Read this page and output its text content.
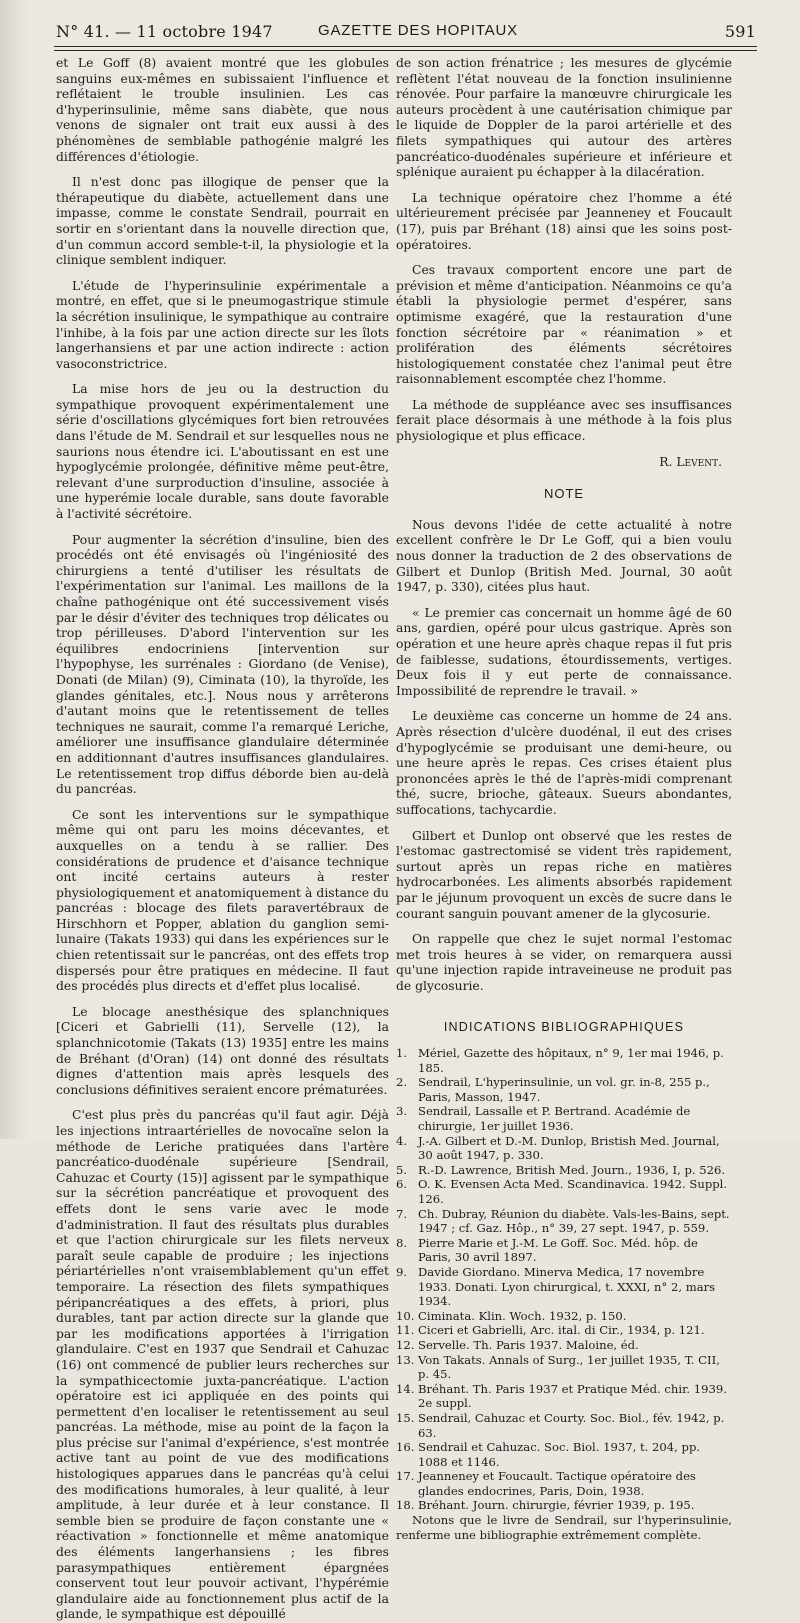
N° 41. — 11 octobre 1947	GAZETTE DES HOPITAUX	591

et Le Goff (8) avaient montré que les globules sanguins eux-mêmes en subissaient l'influence et reflétaient le trouble insulinien. Les cas d'hyperinsulinie, même sans diabète, que nous venons de signaler ont trait eux aussi à des phénomènes de semblable pathogénie malgré les différences d'étiologie.

Il n'est donc pas illogique de penser que la thérapeutique du diabète, actuellement dans une impasse, comme le constate Sendrail, pourrait en sortir en s'orientant dans la nouvelle direction que, d'un commun accord semble-t-il, la physiologie et la clinique semblent indiquer.

L'étude de l'hyperinsulinie expérimentale a montré, en effet, que si le pneumogastrique stimule la sécrétion insulinique, le sympathique au contraire l'inhibe, à la fois par une action directe sur les îlots langerhansiens et par une action indirecte : action vasoconstrictrice.

La mise hors de jeu ou la destruction du sympathique provoquent expérimentalement une série d'oscillations glycémiques fort bien retrouvées dans l'étude de M. Sendrail et sur lesquelles nous ne saurions nous étendre ici. L'aboutissant en est une hypoglycémie prolongée, définitive même peut-être, relevant d'une surproduction d'insuline, associée à une hyperémie locale durable, sans doute favorable à l'activité sécrétoire.

Pour augmenter la sécrétion d'insuline, bien des procédés ont été envisagés où l'ingéniosité des chirurgiens a tenté d'utiliser les résultats de l'expérimentation sur l'animal. Les maillons de la chaîne pathogénique ont été successivement visés par le désir d'éviter des techniques trop délicates ou trop périlleuses. D'abord l'intervention sur les équilibres endocriniens [intervention sur l'hypophyse, les surrénales : Giordano (de Venise), Donati (de Milan) (9), Ciminata (10), la thyroïde, les glandes génitales, etc.]. Nous nous y arrêterons d'autant moins que le retentissement de telles techniques ne saurait, comme l'a remarqué Leriche, améliorer une insuffisance glandulaire déterminée en additionnant d'autres insuffisances glandulaires. Le retentissement trop diffus déborde bien au-delà du pancréas.

Ce sont les interventions sur le sympathique même qui ont paru les moins décevantes, et auxquelles on a tendu à se rallier. Des considérations de prudence et d'aisance technique ont incité certains auteurs à rester physiologiquement et anatomiquement à distance du pancréas : blocage des filets paravertébraux de Hirschhorn et Popper, ablation du ganglion semi-lunaire (Takats 1933) qui dans les expériences sur le chien retentissait sur le pancréas, ont des effets trop dispersés pour être pratiques en médecine. Il faut des procédés plus directs et d'effet plus localisé.

Le blocage anesthésique des splanchniques [Ciceri et Gabrielli (11), Servelle (12), la splanchnicotomie (Takats (13) 1935] entre les mains de Bréhant (d'Oran) (14) ont donné des résultats dignes d'attention mais après lesquels des conclusions définitives seraient encore prématurées.

C'est plus près du pancréas qu'il faut agir. Déjà les injections intraartérielles de novocaïne selon la méthode de Leriche pratiquées dans l'artère pancréatico-duodénale supérieure [Sendrail, Cahuzac et Courty (15)] agissent par le sympathique sur la sécrétion pancréatique et provoquent des effets dont le sens varie avec le mode d'administration. Il faut des résultats plus durables et que l'action chirurgicale sur les filets nerveux paraît seule capable de produire ; les injections périartérielles n'ont vraisemblablement qu'un effet temporaire. La résection des filets sympathiques péripancréatiques a des effets, à priori, plus durables, tant par action directe sur la glande que par les modifications apportées à l'irrigation glandulaire. C'est en 1937 que Sendrail et Cahuzac (16) ont commencé de publier leurs recherches sur la sympathicectomie juxta-pancréatique. L'action opératoire est ici appliquée en des points qui permettent d'en localiser le retentissement au seul pancréas. La méthode, mise au point de la façon la plus précise sur l'animal d'expérience, s'est montrée active tant au point de vue des modifications histologiques apparues dans le pancréas qu'à celui des modifications humorales, à leur qualité, à leur amplitude, à leur durée et à leur constance. Il semble bien se produire de façon constante une « réactivation » fonctionnelle et même anatomique des éléments langerhansiens ; les fibres parasympathiques entièrement épargnées conservent tout leur pouvoir activant, l'hypérémie glandulaire aide au fonctionnement plus actif de la glande, le sympathique est dépouillé

de son action frénatrice ; les mesures de glycémie reflètent l'état nouveau de la fonction insulinienne rénovée. Pour parfaire la manœuvre chirurgicale les auteurs procèdent à une cautérisation chimique par le liquide de Doppler de la paroi artérielle et des filets sympathiques qui autour des artères pancréatico-duodénales supérieure et inférieure et splénique auraient pu échapper à la dilacération.

La technique opératoire chez l'homme a été ultérieurement précisée par Jeanneney et Foucault (17), puis par Bréhant (18) ainsi que les soins post-opératoires.

Ces travaux comportent encore une part de prévision et même d'anticipation. Néanmoins ce qu'a établi la physiologie permet d'espérer, sans optimisme exagéré, que la restauration d'une fonction sécrétoire par « réanimation » et prolifération des éléments sécrétoires histologiquement constatée chez l'animal peut être raisonnablement escomptée chez l'homme.

La méthode de suppléance avec ses insuffisances ferait place désormais à une méthode à la fois plus physiologique et plus efficace.

R. Levent.

NOTE

Nous devons l'idée de cette actualité à notre excellent confrère le Dr Le Goff, qui a bien voulu nous donner la traduction de 2 des observations de Gilbert et Dunlop (British Med. Journal, 30 août 1947, p. 330), citées plus haut.

« Le premier cas concernait un homme âgé de 60 ans, gardien, opéré pour ulcus gastrique. Après son opération et une heure après chaque repas il fut pris de faiblesse, sudations, étourdissements, vertiges. Deux fois il y eut perte de connaissance. Impossibilité de reprendre le travail. »

Le deuxième cas concerne un homme de 24 ans. Après résection d'ulcère duodénal, il eut des crises d'hypoglycémie se produisant une demi-heure, ou une heure après le repas. Ces crises étaient plus prononcées après le thé de l'après-midi comprenant thé, sucre, brioche, gâteaux. Sueurs abondantes, suffocations, tachycardie.

Gilbert et Dunlop ont observé que les restes de l'estomac gastrectomisé se vident très rapidement, surtout après un repas riche en matières hydrocarbonées. Les aliments absorbés rapidement par le jéjunum provoquent un excès de sucre dans le courant sanguin pouvant amener de la glycosurie.

On rappelle que chez le sujet normal l'estomac met trois heures à se vider, on remarquera aussi qu'une injection rapide intraveineuse ne produit pas de glycosurie.

INDICATIONS BIBLIOGRAPHIQUES
1. Mériel, Gazette des hôpitaux, n° 9, 1er mai 1946, p. 185.
2. Sendrail, L'hyperinsulinie, un vol. gr. in-8, 255 p., Paris, Masson, 1947.
3. Sendrail, Lassalle et P. Bertrand. Académie de chirurgie, 1er juillet 1936.
4. J.-A. Gilbert et D.-M. Dunlop, Bristish Med. Journal, 30 août 1947, p. 330.
5. R.-D. Lawrence, British Med. Journ., 1936, I, p. 526.
6. O. K. Evensen Acta Med. Scandinavica. 1942. Suppl. 126.
7. Ch. Dubray, Réunion du diabète. Vals-les-Bains, sept. 1947 ; cf. Gaz. Hôp., n° 39, 27 sept. 1947, p. 559.
8. Pierre Marie et J.-M. Le Goff. Soc. Méd. hôp. de Paris, 30 avril 1897.
9. Davide Giordano. Minerva Medica, 17 novembre 1933. Donati. Lyon chirurgical, t. XXXI, n° 2, mars 1934.
10. Ciminata. Klin. Woch. 1932, p. 150.
11. Ciceri et Gabrielli, Arc. ital. di Cir., 1934, p. 121.
12. Servelle. Th. Paris 1937. Maloine, éd.
13. Von Takats. Annals of Surg., 1er juillet 1935, T. CII, p. 45.
14. Bréhant. Th. Paris 1937 et Pratique Méd. chir. 1939. 2e suppl.
15. Sendrail, Cahuzac et Courty. Soc. Biol., fév. 1942, p. 63.
16. Sendrail et Cahuzac. Soc. Biol. 1937, t. 204, pp. 1088 et 1146.
17. Jeanneney et Foucault. Tactique opératoire des glandes endocrines, Paris, Doin, 1938.
18. Bréhant. Journ. chirurgie, février 1939, p. 195.

Notons que le livre de Sendrail, sur l'hyperinsulinie, renferme une bibliographie extrêmement complète.
